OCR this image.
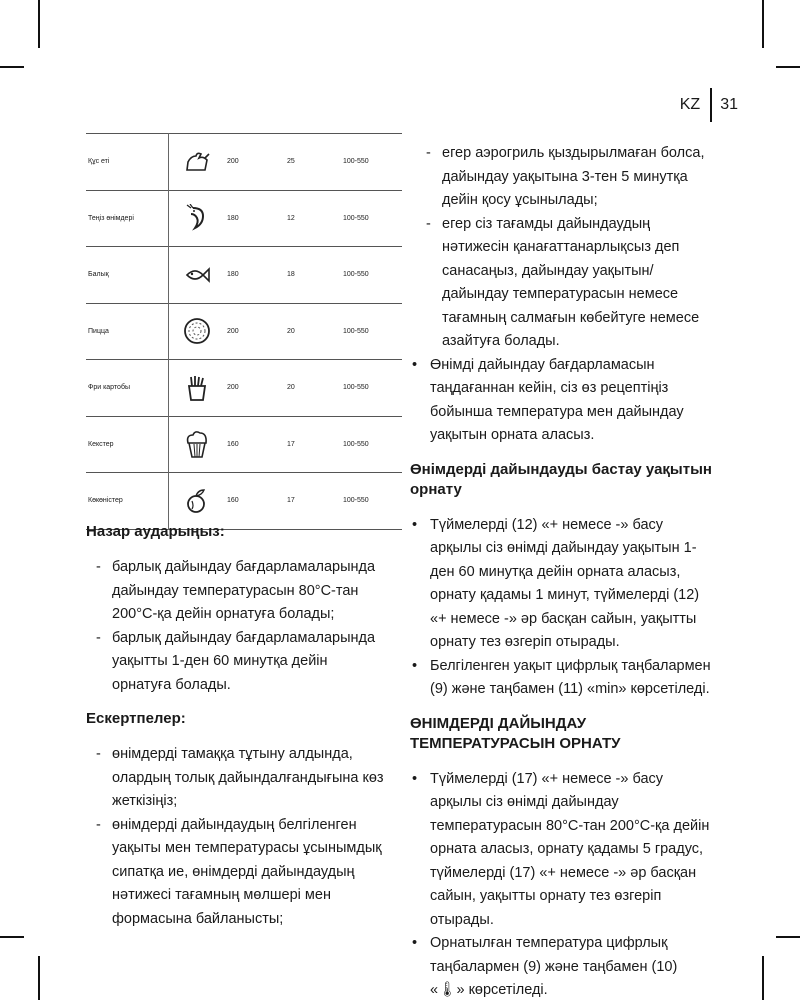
KZ	31
Құс еті		200	25	100-550
Теңіз өнімдері		180	12	100-550
Балық		180	18	100-550
Пицца		200	20	100-550
Фри картобы		200	20	100-550
Кекстер		160	17	100-550
Көкөністер		160	17	100-550
Назар аударыңыз:
- барлық дайындау бағдарламаларында дайындау температурасын 80°С-тан 200°С-қа дейін орнатуға болады;
- барлық дайындау бағдарламаларында уақытты 1-ден 60 минутқа дейін орнатуға болады.
Ескертпелер:
- өнімдерді тамаққа тұтыну алдында, олардың толық дайындалғандығына көз жеткізіңіз;
- өнімдерді дайындаудың белгіленген уақыты мен температурасы ұсынымдық сипатқа ие, өнімдерді дайындаудың нәтижесі тағамның мөлшері мен формасына байланысты;
- егер аэрогриль қыздырылмаған болса, дайындау уақытына 3-тен 5 минутқа дейін қосу ұсынылады;
- егер сіз тағамды дайындаудың нәтижесін қанағаттанарлықсыз деп санасаңыз, дайындау уақытын/дайындау температурасын немесе тағамның салмағын көбейтуге немесе азайтуға болады.
• Өнімді дайындау бағдарламасын таңдағаннан кейін, сіз өз рецептіңіз бойынша температура мен дайындау уақытын орната аласыз.
Өнімдерді дайындауды бастау уақытын орнату
• Түймелерді (12) «+ немесе -» басу арқылы сіз өнімді дайындау уақытын 1-ден 60 минутқа дейін орната аласыз, орнату қадамы 1 минут, түймелерді (12) «+ немесе -» әр басқан сайын, уақытты орнату тез өзгеріп отырады.
• Белгіленген уақыт цифрлық таңбалармен (9) және таңбамен (11) «min» көрсетіледі.
ӨНІМДЕРДІ ДАЙЫНДАУ ТЕМПЕРАТУРАСЫН ОРНАТУ
• Түймелерді (17) «+ немесе -» басу арқылы сіз өнімді дайындау температурасын 80°С-тан 200°С-қа дейін орната аласыз, орнату қадамы 5 градус, түймелерді (17) «+ немесе -» әр басқан сайын, уақытты орнату тез өзгеріп отырады.
• Орнатылған температура цифрлық таңбалармен (9) және таңбамен (10) «🌡» көрсетіледі.
